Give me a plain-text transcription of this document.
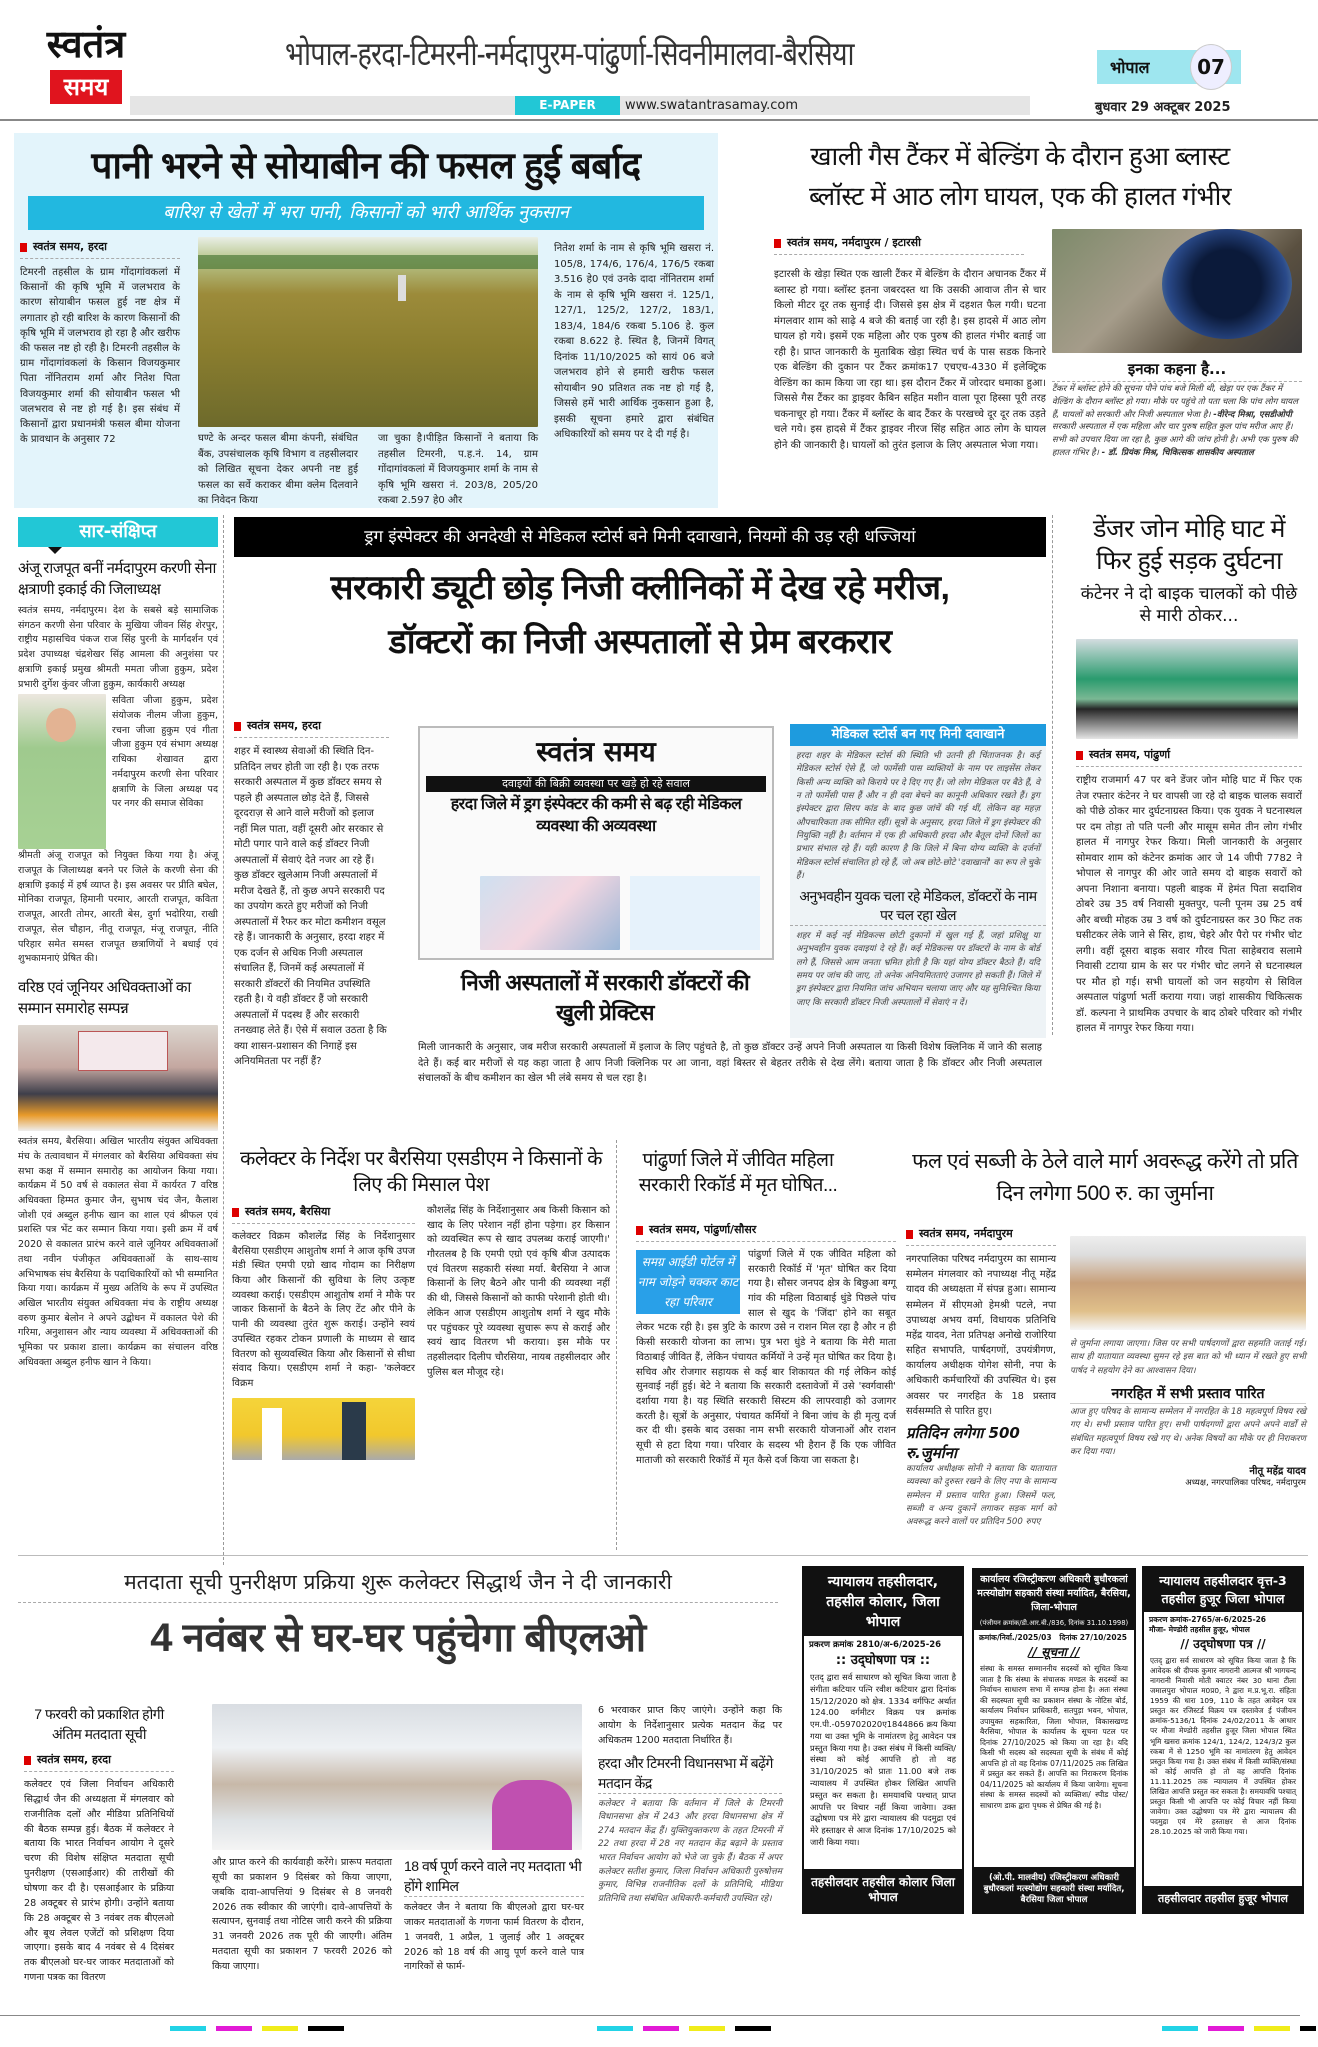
स्वतंत्र
समय
भोपाल-हरदा-टिमरनी-नर्मदापुरम-पांढुर्णा-सिवनीमालवा-बैरसिया
E-PAPER	www.swatantrasamay.com
भोपाल	07
बुधवार 29 अक्टूबर 2025
पानी भरने से सोयाबीन की फसल हुई बर्बाद
बारिश से खेतों में भरा पानी, किसानों को भारी आर्थिक नुकसान
स्वतंत्र समय, हरदा
टिमरनी तहसील के ग्राम गोंदागांवकलां में किसानों की कृषि भूमि में जलभराव के कारण सोयाबीन फसल हुई नष्ट क्षेत्र में लगातार हो रही बारिश के कारण किसानों की कृषि भूमि में जलभराव हो रहा है और खरीफ की फसल नष्ट हो रही है। टिमरनी तहसील के ग्राम गोंदागांवकलां के किसान विजयकुमार पिता नोंनितराम शर्मा और नितेश पिता विजयकुमार शर्मा की सोयाबीन फसल भी जलभराव से नष्ट हो गई है। इस संबंध में किसानों द्वारा प्रधानमंत्री फसल बीमा योजना के प्रावधान के अनुसार 72	घण्टे के अन्दर फसल बीमा कंपनी, संबंधित बैंक, उपसंचालक कृषि विभाग व तहसीलदार को लिखित सूचना देकर अपनी नष्ट हुई फसल का सर्वे कराकर बीमा क्लेम दिलवाने का निवेदन किया
जा चुका है।पीड़ित किसानों ने बताया कि तहसील टिमरनी, प.ह.नं. 14, ग्राम गोंदागांवकलां में विजयकुमार शर्मा के नाम से कृषि भूमि खसरा नं. 203/8, 205/20 रकबा 2.597 हे0 और
नितेश शर्मा के नाम से कृषि भूमि खसरा नं. 105/8, 174/6, 176/4, 176/5 रकबा 3.516 हे0 एवं उनके दादा नोंनितराम शर्मा के नाम से कृषि भूमि खसरा नं. 125/1, 127/1, 125/2, 127/2, 183/1, 183/4, 184/6 रकबा 5.106 हे. कुल रकबा 8.622 हे. स्थित है, जिनमें विगत् दिनांक 11/10/2025 को सायं 06 बजे जलभराव होने से हमारी खरीफ फसल सोयाबीन 90 प्रतिशत तक नष्ट हो गई है, जिससे हमें भारी आर्थिक नुकसान हुआ है, इसकी सूचना हमारे द्वारा संबंधित अधिकारियों को समय पर दे दी गई है।
खाली गैस टैंकर में बेल्डिंग के दौरान हुआ ब्लास्ट
ब्लॉस्ट में आठ लोग घायल, एक की हालत गंभीर
स्वतंत्र समय, नर्मदापुरम / इटारसी
इटारसी के खेड़ा स्थित एक खाली टैंकर में बेल्डिंग के दौरान अचानक टैंकर में ब्लास्ट हो गया। ब्लॉस्ट इतना जबरदस्त था कि उसकी आवाज तीन से चार किलो मीटर दूर तक सुनाई दी। जिससे इस क्षेत्र में दहशत फैल गयी। घटना मंगलवार शाम को साढ़े 4 बजे की बताई जा रही है। इस हादसे में आठ लोग घायल हो गये। इसमें एक महिला और एक पुरुष की हालत गंभीर बताई जा रही है। प्राप्त जानकारी के मुताबिक खेड़ा स्थित चर्च के पास सडक किनारे एक बेल्डिंग की दुकान पर टैंकर क्रमांक17 एचएच-4330 में इलेक्ट्रिक वेल्डिंग का काम किया जा रहा था। इस दौरान टैंकर में जोरदार धमाका हुआ। जिससे गैस टैंकर का ड्राइवर कैबिन सहित मशीन वाला पूरा हिस्सा पूरी तरह चकनाचूर हो गया। टैंकर में ब्लॉस्ट के बाद टैंकर के परखच्चे दूर दूर तक उड़ते चले गये। इस हादसे में टैंकर ड्राइवर नीरज सिंह सहित आठ लोग के घायल होने की जानकारी है। घायलों को तुरंत इलाज के लिए अस्पताल भेजा गया।
इनका कहना है...
टैंकर में ब्लॉस्ट होने की सूचना पौने पांच बजे मिली थी, खेड़ा पर एक टैंकर में वेल्डिंग के दौरान ब्लॉस्ट हो गया। मौके पर पहुंचे तो पता चला कि पांच लोग घायल हैं, घायलों को सरकारी और निजी अस्पताल भेजा है। -वीरेन्द मिश्रा, एसडीओपी सरकारी अस्पताल में एक महिला और चार पुरुष सहित कुल पांच मरीज आए हैं। सभी को उपचार दिया जा रहा है, कुछ आगे की जांच होनी है। अभी एक पुरुष की हालत गंभिर है। - डॉ. प्रियंक मिश्र, चिकित्सक शासकीय अस्पताल
सार-संक्षिप्त
अंजू राजपूत बनीं नर्मदापुरम करणी सेना क्षत्राणी इकाई की जिलाध्यक्ष
स्वतंत्र समय, नर्मदापुरम। देश के सबसे बड़े सामाजिक संगठन करणी सेना परिवार के मुखिया जीवन सिंह शेरपुर, राष्ट्रीय महासचिव पंकज राज सिंह पुरनी के मार्गदर्शन एवं प्रदेश उपाध्यक्ष चंद्रशेखर सिंह आमला की अनुशंसा पर क्षत्राणि इकाई प्रमुख श्रीमती ममता जीजा हुकुम, प्रदेश प्रभारी दुर्गेश कुंवर जीजा हुकुम, कार्यकारी अध्यक्ष
सविता जीजा हुकुम, प्रदेश संयोजक नीलम जीजा हुकुम, रचना जीजा हुकुम एवं गीता जीजा हुकुम एवं संभाग अध्यक्ष राधिका शेखावत द्वारा नर्मदापुरम करणी सेना परिवार क्षत्राणि के जिला अध्यक्ष पद पर नगर की समाज सेविका
श्रीमती अंजू राजपूत को नियुक्त किया गया है। अंजू राजपूत के जिलाध्यक्ष बनने पर जिले के करणी सेना की क्षत्राणि इकाई में हर्ष व्याप्त है। इस अवसर पर प्रीति बघेल, मोनिका राजपूत, हिमानी परमार, आरती राजपूत, कविता राजपूत, आरती तोमर, आरती बेस, दुर्गा भदोरिया, राखी राजपूत, सेल चौहान, नीतू राजपूत, मंजू राजपूत, नीति परिहार समेत समस्त राजपूत छत्राणियों ने बधाई एवं शुभकामनाएं प्रेषित की।
वरिष्ठ एवं जूनियर अधिवक्ताओं का सम्मान समारोह सम्पन्न
स्वतंत्र समय, बैरसिया। अखिल भारतीय संयुक्त अधिवक्ता मंच के तत्वावधान में मंगलवार को बैरसिया अधिवक्ता संघ सभा कक्ष में सम्मान समारोह का आयोजन किया गया। कार्यक्रम में 50 वर्ष से वकालत सेवा में कार्यरत 7 वरिष्ठ अधिवक्ता हिम्मत कुमार जैन, सुभाष चंद जैन, कैलाश जोशी एवं अब्दुल हनीफ खान का शाल एवं श्रीफल एवं प्रशस्ति पत्र भेंट कर सम्मान किया गया। इसी क्रम में वर्ष 2020 से वकालत प्रारंभ करने वाले जूनियर अधिवक्ताओं तथा नवीन पंजीकृत अधिवक्ताओं के साथ-साथ अभिभाषक संघ बैरसिया के पदाधिकारियों को भी सम्मानित किया गया। कार्यक्रम में मुख्य अतिथि के रूप में उपस्थित अखिल भारतीय संयुक्त अधिवक्ता मंच के राष्ट्रीय अध्यक्ष वरुण कुमार बेलोन ने अपने उद्बोधन में वकालत पेशे की गरिमा, अनुशासन और न्याय व्यवस्था में अधिवक्ताओं की भूमिका पर प्रकाश डाला। कार्यक्रम का संचालन वरिष्ठ अधिवक्ता अब्दुल हनीफ खान ने किया।
ड्रग इंस्पेक्टर की अनदेखी से मेडिकल स्टोर्स बने मिनी दवाखाने, नियमों की उड़ रही धज्जियां
सरकारी ड्यूटी छोड़ निजी क्लीनिकों में देख रहे मरीज,
डॉक्टरों का निजी अस्पतालों से प्रेम बरकरार
स्वतंत्र समय, हरदा
शहर में स्वास्थ्य सेवाओं की स्थिति दिन-प्रतिदिन लचर होती जा रही है। एक तरफ सरकारी अस्पताल में कुछ डॉक्टर समय से पहले ही अस्पताल छोड़ देते हैं, जिससे दूरदराज़ से आने वाले मरीजों को इलाज नहीं मिल पाता, वहीं दूसरी ओर सरकार से मोटी पगार पाने वाले कई डॉक्टर निजी अस्पतालों में सेवाएं देते नजर आ रहे हैं। कुछ डॉक्टर खुलेआम निजी अस्पतालों में मरीज देखते हैं, तो कुछ अपने सरकारी पद का उपयोग करते हुए मरीजों को निजी अस्पतालों में रैफर कर मोटा कमीशन वसूल रहे हैं। जानकारी के अनुसार, हरदा शहर में एक दर्जन से अधिक निजी अस्पताल संचालित हैं, जिनमें कई अस्पतालों में सरकारी डॉक्टरों की नियमित उपस्थिति रहती है। ये वही डॉक्टर हैं जो सरकारी अस्पतालों में पदस्थ हैं और सरकारी तनख्वाह लेते हैं। ऐसे में सवाल उठता है कि क्या शासन-प्रशासन की निगाहें इस अनियमितता पर नहीं हैं?
स्वतंत्र समय
दवाइयों की बिक्री व्यवस्था पर खड़े हो रहे सवाल
हरदा जिले में ड्रग इंस्पेक्टर की कमी से बढ़ रही मेडिकल व्यवस्था की अव्यवस्था
निजी अस्पतालों में सरकारी डॉक्टरों की खुली प्रेक्टिस
मिली जानकारी के अनुसार, जब मरीज सरकारी अस्पतालों में इलाज के लिए पहुंचते है, तो कुछ डॉक्टर उन्हें अपने निजी अस्पताल या किसी विशेष क्लिनिक में जाने की सलाह देते हैं। कई बार मरीजों से यह कहा जाता है आप निजी क्लिनिक पर आ जाना, वहां बिस्तर से बेहतर तरीके से देख लेंगे। बताया जाता है कि डॉक्टर और निजी अस्पताल संचालकों के बीच कमीशन का खेल भी लंबे समय से चल रहा है।
मेडिकल स्टोर्स बन गए मिनी दवाखाने
हरदा शहर के मेडिकल स्टोर्स की स्थिति भी उतनी ही चिंताजनक है। कई मेडिकल स्टोर्स ऐसे हैं, जो फार्मेसी पास व्यक्तियों के नाम पर लाइसेंस लेकर किसी अन्य व्यक्ति को किराये पर दे दिए गए हैं। जो लोग मेडिकल पर बैठे हैं, वे न तो फार्मेसी पास हैं और न ही दवा बेचने का कानूनी अधिकार रखते हैं। ड्रग इंस्पेक्टर द्वारा सिरप कांड के बाद कुछ जांचें की गई थीं, लेकिन वह महज़ औपचारिकता तक सीमित रहीं। सूत्रों के अनुसार, हरदा जिले में ड्रग इंस्पेक्टर की नियुक्ति नहीं है। वर्तमान में एक ही अधिकारी हरदा और बैतूल दोनों जिलों का प्रभार संभाल रहे हैं। यही कारण है कि जिले में बिना योग्य व्यक्ति के दर्जनों मेडिकल स्टोर्स संचालित हो रहे हैं, जो अब छोटे-छोटे 'दवाखानों' का रूप ले चुके हैं।
अनुभवहीन युवक चला रहे मेडिकल, डॉक्टरों के नाम पर चल रहा खेल
शहर में कई नई मेडिकल्स छोटी दुकानों में खुल गई हैं, जहां प्रशिक्षु या अनुभवहीन युवक दवाइयां दे रहे हैं। कई मेडिकल्स पर डॉक्टरों के नाम के बोर्ड लगे हैं, जिससे आम जनता भ्रमित होती है कि यहां योग्य डॉक्टर बैठते हैं। यदि समय पर जांच की जाए, तो अनेक अनियमितताएं उजागर हो सकती हैं। जिले में ड्रग इंस्पेक्टर द्वारा नियमित जांच अभियान चलाया जाए और यह सुनिश्चित किया जाए कि सरकारी डॉक्टर निजी अस्पतालों में सेवाएं न दें।
डेंजर जोन मोहि घाट में फिर हुई सड़क दुर्घटना
कंटेनर ने दो बाइक चालकों को पीछे से मारी ठोकर...
स्वतंत्र समय, पांढुर्णा
राष्ट्रीय राजमार्ग 47 पर बने डेंजर जोन मोहि घाट में फिर एक तेज रफ्तार कंटेनर ने घर वापसी जा रहे दो बाइक चालक सवारों को पीछे ठोकर मार दुर्घटनाग्रस्त किया। एक युवक ने घटनास्थल पर दम तोड़ा तो पति पत्नी और मासूम समेत तीन लोग गंभीर हालत में नागपुर रेफर किया। मिली जानकारी के अनुसार सोमवार शाम को कंटेनर क्रमांक आर जे 14 जीपी 7782 ने भोपाल से नागपुर की ओर जाते समय दो बाइक सवारों को अपना निशाना बनाया। पहली बाइक में हेमंत पिता सदाशिव ठोबरे उम्र 35 वर्ष निवासी मुक्तपुर, पत्नी पूनम उम्र 25 वर्ष और बच्ची मोहक उम्र 3 वर्ष को दुर्घटनाग्रस्त कर 30 फिट तक घसीटकर लेके जाने से सिर, हाथ, चेहरे और पैरो पर गंभीर चोट लगी। वहीं दूसरा बाइक सवार गौरव पिता साहेबराव सलामे निवासी टटाया ग्राम के सर पर गंभीर चोट लगने से घटनास्थल पर मौत हो गई। सभी घायलों को जन सहयोग से सिविल अस्पताल पांढुर्णा भर्ती कराया गया। जहां शासकीय चिकित्सक डॉ. कल्पना ने प्राथमिक उपचार के बाद ठोबरे परिवार को गंभीर हालत में नागपुर रेफर किया गया।
कलेक्टर के निर्देश पर बैरसिया एसडीएम ने किसानों के लिए की मिसाल पेश
स्वतंत्र समय, बैरसिया
कलेक्टर विक्रम कौशलेंद्र सिंह के निर्देशानुसार बैरसिया एसडीएम आशुतोष शर्मा ने आज कृषि उपज मंडी स्थित एमपी एग्रो खाद गोदाम का निरीक्षण किया और किसानों की सुविधा के लिए उत्कृष्ट व्यवस्था कराई। एसडीएम आशुतोष शर्मा ने मौके पर जाकर किसानों के बैठने के लिए टेंट और पीने के पानी की व्यवस्था तुरंत शुरू कराई। उन्होंने स्वयं उपस्थित रहकर टोकन प्रणाली के माध्यम से खाद वितरण को सुव्यवस्थित किया और किसानों से सीधा संवाद किया। एसडीएम शर्मा ने कहा- 'कलेक्टर विक्रम
कौशलेंद्र सिंह के निर्देशानुसार अब किसी किसान को खाद के लिए परेशान नहीं होना पड़ेगा। हर किसान को व्यवस्थित रूप से खाद उपलब्ध कराई जाएगी।' गौरतलब है कि एमपी एग्रो एवं कृषि बीज उत्पादक एवं वितरण सहकारी संस्था मर्या. बैरसिया ने आज किसानों के लिए बैठने और पानी की व्यवस्था नहीं की थी, जिससे किसानों को काफी परेशानी होती थी। लेकिन आज एसडीएम आशुतोष शर्मा ने खुद मौके पर पहुंचकर पूरे व्यवस्था सुचारू रूप से कराई और स्वयं खाद वितरण भी कराया। इस मौके पर तहसीलदार दिलीप चौरसिया, नायब तहसीलदार और पुलिस बल मौजूद रहे।
पांढुर्णा जिले में जीवित महिला सरकारी रिकॉर्ड में मृत घोषित...
स्वतंत्र समय, पांढुर्णा/सौसर
समग्र आईडी पोर्टल में नाम जोड़ने चक्कर काट रहा परिवार
पांढुर्णा जिले में एक जीवित महिला को सरकारी रिकॉर्ड में 'मृत' घोषित कर दिया गया है। सौसर जनपद क्षेत्र के बिछुआ बग्गू गांव की महिला विठाबाई धुंडे पिछले पांच साल से खुद के 'जिंदा' होने का सबूत लेकर भटक रही है। इस त्रुटि के कारण उसे न राशन मिल रहा है और न ही किसी सरकारी योजना का लाभ। पुत्र भरा धुंडे ने बताया कि मेरी माता विठाबाई जीवित हैं, लेकिन पंचायत कर्मियों ने उन्हें मृत घोषित कर दिया है। सचिव और रोजगार सहायक से कई बार शिकायत की गई लेकिन कोई सुनवाई नहीं हुई। बेटे ने बताया कि सरकारी दस्तावेजों में उसे 'स्वर्गवासी' दर्शाया गया है। यह स्थिति सरकारी सिस्टम की लापरवाही को उजागर करती है। सूत्रों के अनुसार, पंचायत कर्मियों ने बिना जांच के ही मृत्यु दर्ज कर दी थी। इसके बाद उसका नाम सभी सरकारी योजनाओं और राशन सूची से हटा दिया गया। परिवार के सदस्य भी हैरान हैं कि एक जीवित माताजी को सरकारी रिकॉर्ड में मृत कैसे दर्ज किया जा सकता है।
फल एवं सब्जी के ठेले वाले मार्ग अवरूद्ध करेंगे तो प्रति दिन लगेगा 500 रु. का जुर्माना
स्वतंत्र समय, नर्मदापुरम
नगरपालिका परिषद नर्मदापुरम का सामान्य सम्मेलन मंगलवार को नपाध्यक्ष नीतू महेंद्र यादव की अध्यक्षता में संपन्न हुआ। सामान्य सम्मेलन में सीएमओ हेमश्री पटले, नपा उपाध्यक्ष अभय वर्मा, विधायक प्रतिनिधि महेंद्र यादव, नेता प्रतिपक्ष अनोखे राजोरिया सहित सभापति, पार्षदगणों, उपयंत्रीगण, कार्यालय अधीक्षक योगेश सोनी, नपा के अधिकारी कर्मचारियों की उपस्थित थे। इस अवसर पर नगरहित के 18 प्रस्ताव सर्वसम्मति से पारित हुए।
प्रतिदिन लगेगा 500 रु.जुर्माना
कार्यालय अधीक्षक सोनी ने बताया कि यातायात व्यवस्था को दुरुस्त रखने के लिए नपा के सामान्य सम्मेलन में प्रस्ताव पारित हुआ। जिसमें फल, सब्जी व अन्य दुकानें लगाकर सड़क मार्ग को अवरूद्ध करने वालों पर प्रतिदिन 500 रुपए
से जुर्माना लगाया जाएगा। जिस पर सभी पार्षदगणों द्वारा सहमति जताई गई। साथ ही यातायात व्यवस्था सुमन रहे इस बात को भी ध्यान में रखते हुए सभी पार्षद ने सहयोग देने का आश्वासन दिया।
नगरहित में सभी प्रस्ताव पारित
आज हुए परिषद के सामान्य सम्मेलन में नगरहित के 18 महत्वपूर्ण विषय रखे गए थे। सभी प्रस्ताव पारित हुए। सभी पार्षदगणों द्वारा अपने अपने वार्डों से संबंधित महत्वपूर्ण विषय रखे गए थे। अनेक विषयों का मौके पर ही निराकरण कर दिया गया।
नीतू महेंद्र यादव
अध्यक्ष, नगरपालिका परिषद, नर्मदापुरम
मतदाता सूची पुनरीक्षण प्रक्रिया शुरू कलेक्टर सिद्धार्थ जैन ने दी जानकारी
4 नवंबर से घर-घर पहुंचेगा बीएलओ
7 फरवरी को प्रकाशित होगी अंतिम मतदाता सूची
स्वतंत्र समय, हरदा
कलेक्टर एवं जिला निर्वाचन अधिकारी सिद्धार्थ जैन की अध्यक्षता में मंगलवार को राजनीतिक दलों और मीडिया प्रतिनिधियों की बैठक सम्पन्न हुई। बैठक में कलेक्टर ने बताया कि भारत निर्वाचन आयोग ने दूसरे चरण की विशेष संक्षिप्त मतदाता सूची पुनरीक्षण (एसआईआर) की तारीखों की घोषणा कर दी है। एसआईआर के प्रक्रिया 28 अक्टूबर से प्रारंभ होगी। उन्होंने बताया कि 28 अक्टूबर से 3 नवंबर तक बीएलओ और बूथ लेवल एजेंटों को प्रशिक्षण दिया जाएगा। इसके बाद 4 नवंबर से 4 दिसंबर तक बीएलओ घर-घर जाकर मतदाताओं को गणना पत्रक का वितरण
और प्राप्त करने की कार्यवाही करेंगे। प्रारूप मतदाता सूची का प्रकाशन 9 दिसंबर को किया जाएगा, जबकि दावा-आपत्तियां 9 दिसंबर से 8 जनवरी 2026 तक स्वीकार की जाएंगी। दावे-आपत्तियों के सत्यापन, सुनवाई तथा नोटिस जारी करने की प्रक्रिया 31 जनवरी 2026 तक पूरी की जाएगी। अंतिम मतदाता सूची का प्रकाशन 7 फरवरी 2026 को किया जाएगा।
18 वर्ष पूर्ण करने वाले नए मतदाता भी होंगे शामिल
कलेक्टर जैन ने बताया कि बीएलओ द्वारा घर-घर जाकर मतदाताओं के गणना फार्म वितरण के दौरान, 1 जनवरी, 1 अप्रैल, 1 जुलाई और 1 अक्टूबर 2026 को 18 वर्ष की आयु पूर्ण करने वाले पात्र नागरिकों से फार्म-
6 भरवाकर प्राप्त किए जाएंगे। उन्होंने कहा कि आयोग के निर्देशानुसार प्रत्येक मतदान केंद्र पर अधिकतम 1200 मतदाता निर्धारित हैं।
हरदा और टिमरनी विधानसभा में बढ़ेंगे मतदान केंद्र
कलेक्टर ने बताया कि वर्तमान में जिले के टिमरनी विधानसभा क्षेत्र में 243 और हरदा विधानसभा क्षेत्र में 274 मतदान केंद्र हैं। युक्तियुक्तकरण के तहत टिमरनी में 22 तथा हरदा में 28 नए मतदान केंद्र बढ़ाने के प्रस्ताव भारत निर्वाचन आयोग को भेजे जा चुके हैं। बैठक में अपर कलेक्टर सतीश कुमार, जिला निर्वाचन अधिकारी पुरुषोत्तम कुमार, विभिन्न राजनीतिक दलों के प्रतिनिधि, मीडिया प्रतिनिधि तथा संबंधित अधिकारी-कर्मचारी उपस्थित रहे।
न्यायालय तहसीलदार, तहसील कोलार, जिला भोपाल
प्रकरण क्रमांक 2810/अ-6/2025-26
:: उद्‌घोषणा पत्र ::
एतद् द्वारा सर्व साधारण को सूचित किया जाता है संगीता कटियार पत्नि रवीश कटियार द्वारा दिनांक 15/12/2020 को क्षेत्र. 1334 वर्गफिट अर्थात 124.00 वर्गमीटर विक्रय पत्र क्रमांक एम.पी.-059702020ए1844866 क्रय किया गया था उक्त भूमि के नामांतरण हेतु आवेदन पत्र प्रस्तुत किया गया है। उक्त संबंध में किसी व्यक्ति/संस्था को कोई आपत्ति हो तो वह 31/10/2025 को प्रातः 11.00 बजे तक न्यायालय में उपस्थित होकर लिखित आपत्ति प्रस्तुत कर सकता है। समयावधि पश्चात् प्राप्त आपत्ति पर विचार नहीं किया जावेगा। उक्त उद्घोषणा पत्र मेरे द्वारा न्यायालय की पदमुद्रा एवं मेरे हस्ताक्षर से आज दिनांक 17/10/2025 को जारी किया गया।
तहसीलदार तहसील कोलार जिला भोपाल
कार्यालय रजिस्ट्रीकरण अधिकारी बुधौरकलां मत्स्योद्योग सहकारी संस्था मर्यादित, बैरसिया, जिला-भोपाल
(पंजीयन क्रमांक/डी.आर.बी./836, दिनांक 31.10.1998)
क्रमांक/निर्वा./2025/03   दिनांक 27/10/2025
// सूचना //
संस्था के समस्त सम्माननीय सदस्यों को सूचित किया जाता है कि संस्था के संचालक मण्डल के सदस्यों का निर्वाचन साधारण सभा में सम्पन्न होना है। अतः संस्था की सदस्यता सूची का प्रकाशन संस्था के नोटिस बोर्ड, कार्यालय निर्वाचन प्राधिकारी, सतपुड़ा भवन, भोपाल, उपायुक्त सहकारिता, जिला भोपाल, विकासखण्ड बैरसिया, भोपाल के कार्यालय के सूचना पटल पर दिनांक 27/10/2025 को किया जा रहा है। यदि किसी भी सदस्य को सदस्यता सूची के संबंध में कोई आपत्ति हो तो वह दिनांक 07/11/2025 तक लिखित में प्रस्तुत कर सकते हैं। आपत्ति का निराकरण दिनांक 04/11/2025 को कार्यालय में किया जायेगा। सूचना संस्था के समस्त सदस्यों को व्यक्तिशः/ स्पीड पोस्ट/ साधारण डाक द्वारा पृथक से प्रेषित की गई है।
(ओ.पी. मालवीय) रजिस्ट्रीकरण अधिकारी बुधौरकलां मत्स्योद्योग सहकारी संस्था मर्यादित, बैरसिया जिला भोपाल
न्यायालय तहसीलदार वृत्त-3 तहसील हुजूर जिला भोपाल
प्रकरण क्रमांक-2765/अ-6/2025-26
मौजा- मेण्डोरी तहसील हुजूर, भोपाल
// उद्‌घोषणा पत्र //
एतद् द्वारा सर्व साधारण को सूचित किया जाता है कि आवेदक श्री दीपक कुमार नागरानी आत्मज श्री भागचन्द नागरानी निवासी मोती क्वाटर नंबर 30 थाना टीला जमालपुरा भोपाल म0प्र0, ने द्वारा म.प्र.भू.रा. संहिता 1959 की धारा 109, 110 के तहत आवेदन पत्र प्रस्तुत कर रजिस्टर्ड विक्रय पत्र दस्तावेज ई पंजीयन क्रमांक-5136/1 दिनांक 24/02/2011 के आधार पर मौजा मेण्डोरी तहसील हुजूर जिला भोपाल स्थित भूमि खसरा क्रमांक 124/1, 124/2, 124/3/2 कुल रकबा में से 1250 भूमि का नामांतरण हेतु आवेदन प्रस्तुत किया गया है। उक्त संबंध में किसी व्यक्ति/संस्था को कोई आपत्ति हो तो वह आपत्ति दिनांक 11.11.2025 तक न्यायालय में उपस्थित होकर लिखित आपत्ति प्रस्तुत कर सकता है। समयावधि पश्चात् प्रस्तुत किसी भी आपत्ति पर कोई विचार नहीं किया जावेगा। उक्त उद्घोषणा पत्र मेरे द्वारा न्यायालय की पदमुद्रा एवं मेरे हस्ताक्षर से आज दिनांक 28.10.2025 को जारी किया गया।
तहसीलदार तहसील हुजूर भोपाल
